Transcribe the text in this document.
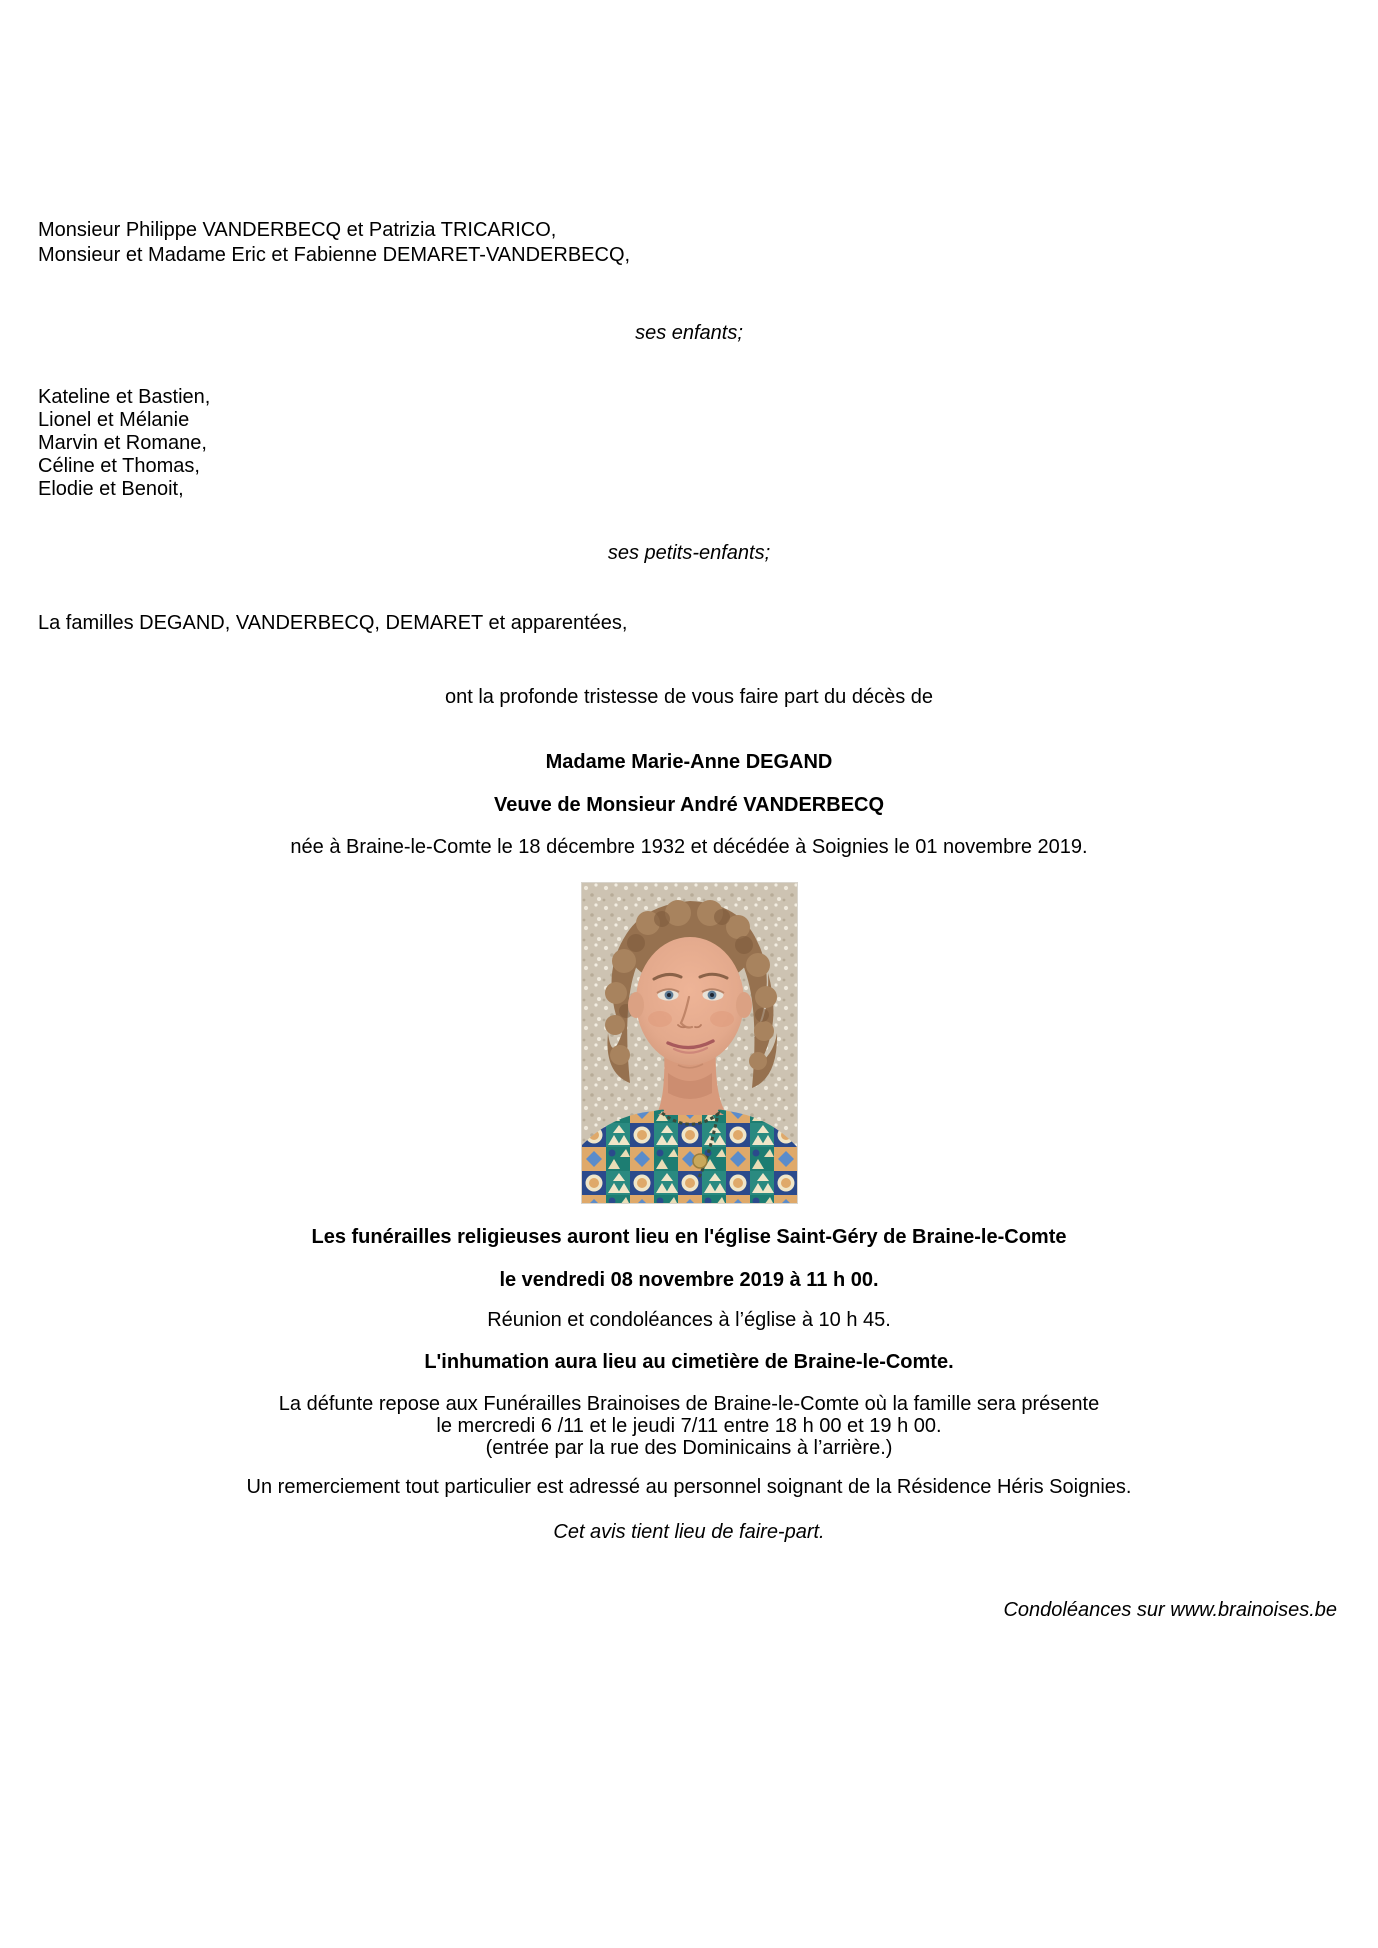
Monsieur Philippe VANDERBECQ et Patrizia TRICARICO,
Monsieur et Madame Eric et Fabienne DEMARET-VANDERBECQ,
ses enfants;
Kateline et Bastien,
Lionel et Mélanie
Marvin et Romane,
Céline et Thomas,
Elodie et Benoit,
ses petits-enfants;
La familles DEGAND, VANDERBECQ, DEMARET et apparentées,
ont la profonde tristesse de vous faire part du décès de
Madame Marie-Anne DEGAND
Veuve de Monsieur André VANDERBECQ
née à Braine-le-Comte le 18 décembre 1932 et décédée à Soignies le 01 novembre 2019.
Les funérailles religieuses auront lieu en l'église Saint-Géry de Braine-le-Comte
le vendredi 08 novembre 2019 à 11 h 00.
Réunion et condoléances à l’église à 10 h 45.
L'inhumation aura lieu au cimetière de Braine-le-Comte.
La défunte repose aux Funérailles Brainoises de Braine-le-Comte où la famille sera présente
le mercredi 6 /11 et le jeudi 7/11 entre 18 h 00 et 19 h 00.
(entrée par la rue des Dominicains à l’arrière.)
Un remerciement tout particulier est adressé au personnel soignant de la Résidence Héris Soignies.
Cet avis tient lieu de faire-part.
Condoléances sur www.brainoises.be
